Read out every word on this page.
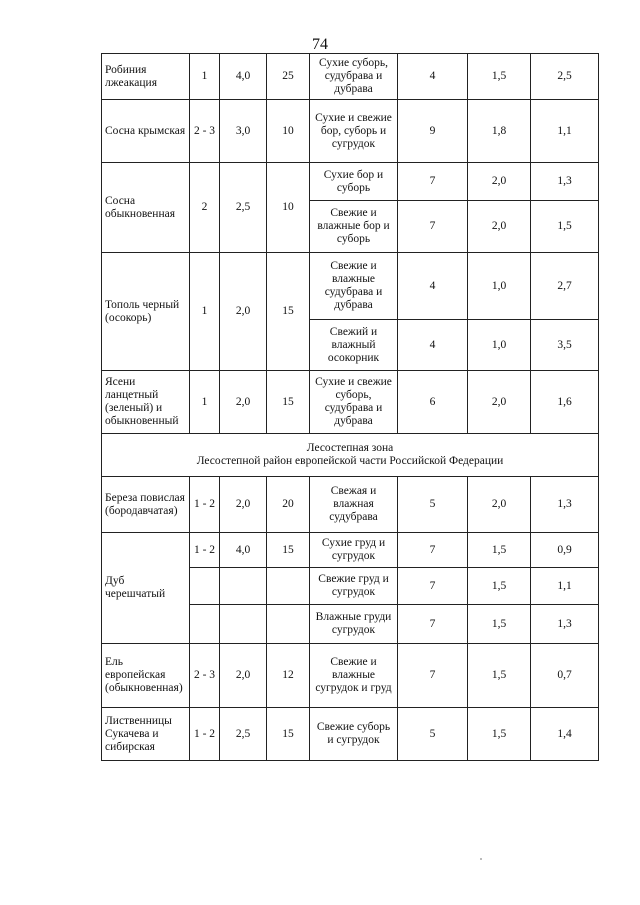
74
Робиния лжеакация	1	4,0	25	Сухие суборь, судубрава и дубрава	4	1,5	2,5
Сосна крымская	2 - 3	3,0	10	Сухие и свежие бор, суборь и сугрудок	9	1,8	1,1
Сосна обыкновенная	2	2,5	10	Сухие бор и суборь	7	2,0	1,3
				Свежие и влажные бор и суборь	7	2,0	1,5
Тополь черный (осокорь)	1	2,0	15	Свежие и влажные судубрава и дубрава	4	1,0	2,7
				Свежий и влажный осокорник	4	1,0	3,5
Ясени ланцетный (зеленый) и обыкновенный	1	2,0	15	Сухие и свежие суборь, судубрава и дубрава	6	2,0	1,6
Лесостепная зона
Лесостепной район европейской части Российской Федерации							
Береза повислая (бородавчатая)	1 - 2	2,0	20	Свежая и влажная судубрава	5	2,0	1,3
Дуб черешчатый	1 - 2	4,0	15	Сухие груд и сугрудок	7	1,5	0,9
				Свежие груд и сугрудок	7	1,5	1,1
				Влажные груди сугрудок	7	1,5	1,3
Ель европейская (обыкновенная)	2 - 3	2,0	12	Свежие и влажные сугрудок и груд	7	1,5	0,7
Лиственницы Сукачева и сибирская	1 - 2	2,5	15	Свежие суборь и сугрудок	5	1,5	1,4
